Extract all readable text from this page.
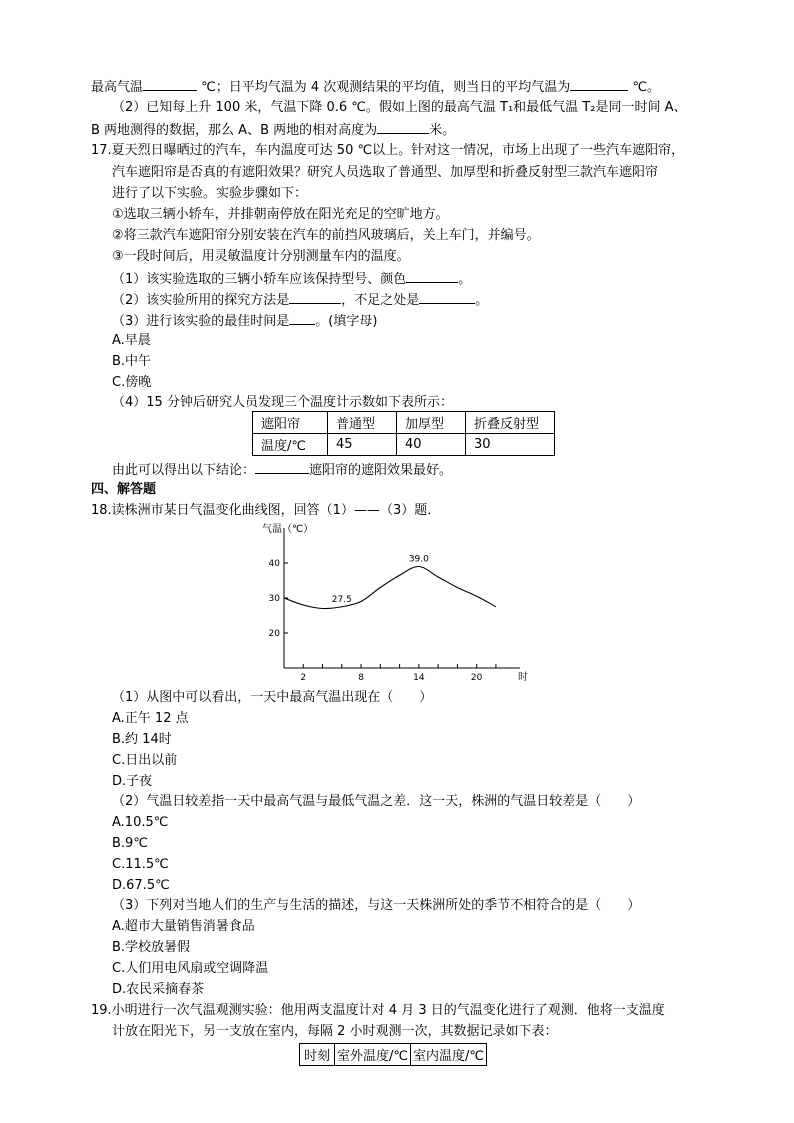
最高气温	℃；日平均气温为 4 次观测结果的平均值，则当日的平均气温为	℃。
（2）已知每上升 100 米，气温下降 0.6 ℃。假如上图的最高气温 T₁和最低气温 T₂是同一时间 A、
B 两地测得的数据，那么 A、B 两地的相对高度为	米。
17.夏天烈日曝晒过的汽车，车内温度可达 50 ℃以上。针对这一情况，市场上出现了一些汽车遮阳帘，
汽车遮阳帘是否真的有遮阳效果？研究人员选取了普通型、加厚型和折叠反射型三款汽车遮阳帘
进行了以下实验。实验步骤如下：
①选取三辆小轿车，并排朝南停放在阳光充足的空旷地方。
②将三款汽车遮阳帘分别安装在汽车的前挡风玻璃后，关上车门，并编号。
③一段时间后，用灵敏温度计分别测量车内的温度。
（1）该实验选取的三辆小轿车应该保持型号、颜色	。
（2）该实验所用的探究方法是	，不足之处是	。
（3）进行该实验的最佳时间是 。(填字母)
A.早晨
B.中午
C.傍晚
（4）15 分钟后研究人员发现三个温度计示数如下表所示：
遮阳帘	普通型	加厚型	折叠反射型
温度/℃	45	40	30
由此可以得出以下结论：	遮阳帘的遮阳效果最好。
四、解答题
18.读株洲市某日气温变化曲线图，回答（1）——（3）题．
20
30
40
2	8	14	20
气温（℃）
时
27.5
39.0
（1）从图中可以看出，一天中最高气温出现在（　　）
A.正午 12 点
B.约 14时
C.日出以前
D.子夜
（2）气温日较差指一天中最高气温与最低气温之差．这一天，株洲的气温日较差是（　　）
A.10.5℃
B.9℃
C.11.5℃
D.67.5℃
（3）下列对当地人们的生产与生活的描述，与这一天株洲所处的季节不相符合的是（　　）
A.超市大量销售消暑食品
B.学校放暑假
C.人们用电风扇或空调降温
D.农民采摘春茶
19.小明进行一次气温观测实验：他用两支温度计对 4 月 3 日的气温变化进行了观测．他将一支温度
计放在阳光下，另一支放在室内，每隔 2 小时观测一次，其数据记录如下表：
时刻	室外温度/℃	室内温度/℃
